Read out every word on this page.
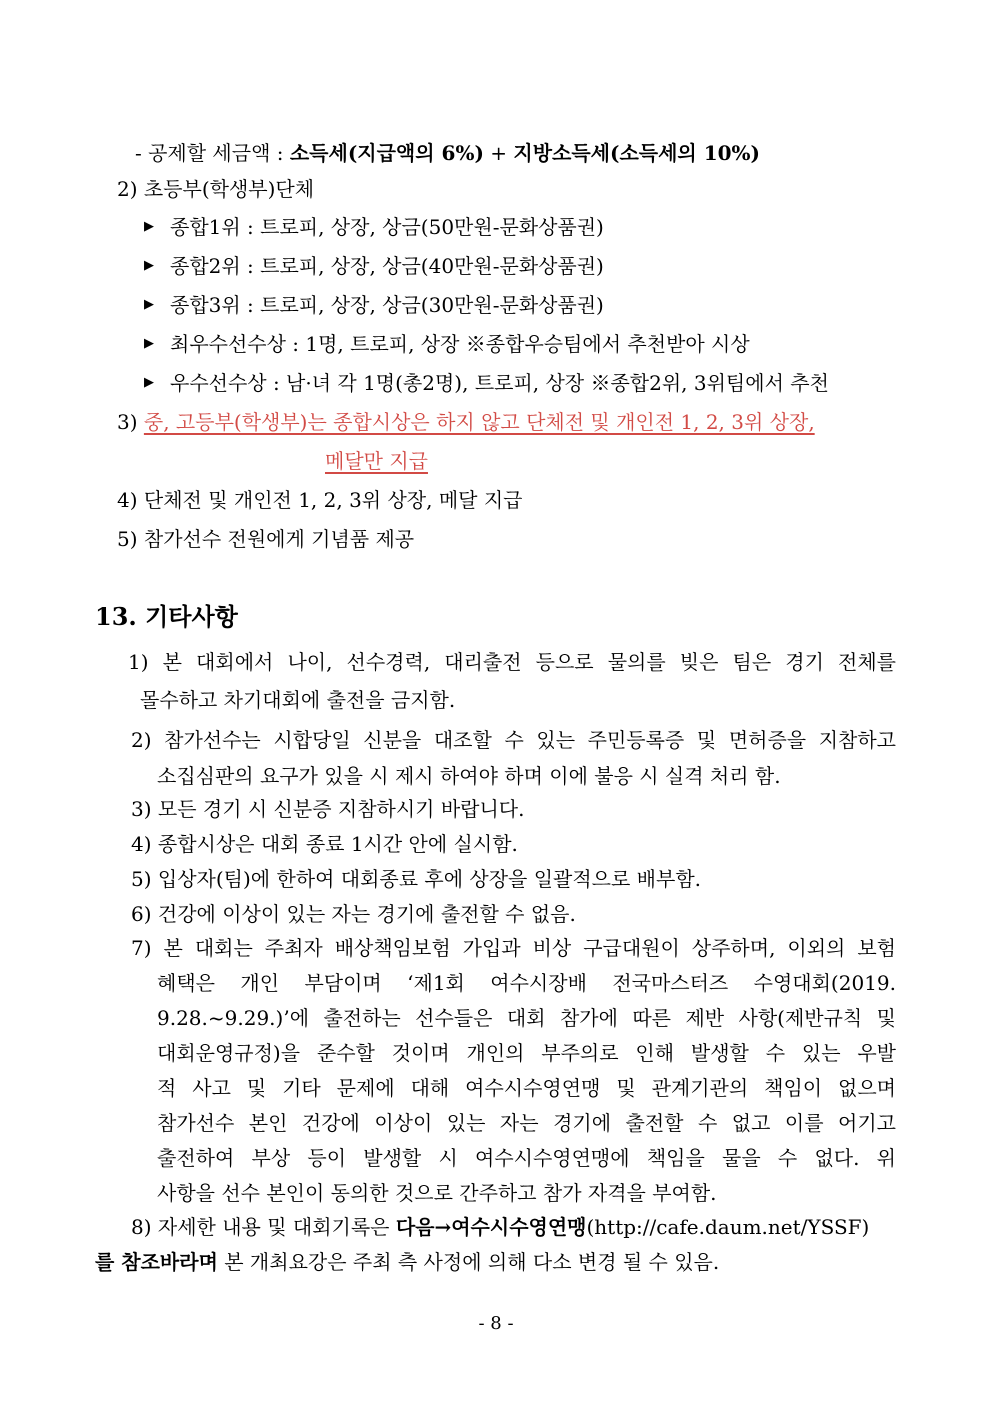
- 공제할 세금액 : 소득세(지급액의 6%) + 지방소득세(소득세의 10%)
2) 초등부(학생부)단체
▶ 종합1위 : 트로피, 상장, 상금(50만원-문화상품권)
▶ 종합2위 : 트로피, 상장, 상금(40만원-문화상품권)
▶ 종합3위 : 트로피, 상장, 상금(30만원-문화상품권)
▶ 최우수선수상 : 1명, 트로피, 상장 ※종합우승팀에서 추천받아 시상
▶ 우수선수상 : 남·녀 각 1명(총2명), 트로피, 상장 ※종합2위, 3위팀에서 추천
3) 중, 고등부(학생부)는 종합시상은 하지 않고 단체전 및 개인전 1, 2, 3위 상장,
메달만 지급
4) 단체전 및 개인전 1, 2, 3위 상장, 메달 지급
5) 참가선수 전원에게 기념품 제공
13. 기타사항
1) 본 대회에서 나이, 선수경력, 대리출전 등으로 물의를 빚은 팀은 경기 전체를
몰수하고 차기대회에 출전을 금지함.
2) 참가선수는 시합당일 신분을 대조할 수 있는 주민등록증 및 면허증을 지참하고
소집심판의 요구가 있을 시 제시 하여야 하며 이에 불응 시 실격 처리 함.
3) 모든 경기 시 신분증 지참하시기 바랍니다.
4) 종합시상은 대회 종료 1시간 안에 실시함.
5) 입상자(팀)에 한하여 대회종료 후에 상장을 일괄적으로 배부함.
6) 건강에 이상이 있는 자는 경기에 출전할 수 없음.
7) 본 대회는 주최자 배상책임보험 가입과 비상 구급대원이 상주하며, 이외의 보험
혜택은 개인 부담이며 ‘제1회 여수시장배 전국마스터즈 수영대회(2019.
9.28.~9.29.)’에 출전하는 선수들은 대회 참가에 따른 제반 사항(제반규칙 및
대회운영규정)을 준수할 것이며 개인의 부주의로 인해 발생할 수 있는 우발
적 사고 및 기타 문제에 대해 여수시수영연맹 및 관계기관의 책임이 없으며
참가선수 본인 건강에 이상이 있는 자는 경기에 출전할 수 없고 이를 어기고
출전하여 부상 등이 발생할 시 여수시수영연맹에 책임을 물을 수 없다. 위
사항을 선수 본인이 동의한 것으로 간주하고 참가 자격을 부여함.
8) 자세한 내용 및 대회기록은 다음→여수시수영연맹(http://cafe.daum.net/YSSF)
를 참조바라며 본 개최요강은 주최 측 사정에 의해 다소 변경 될 수 있음.
- 8 -
